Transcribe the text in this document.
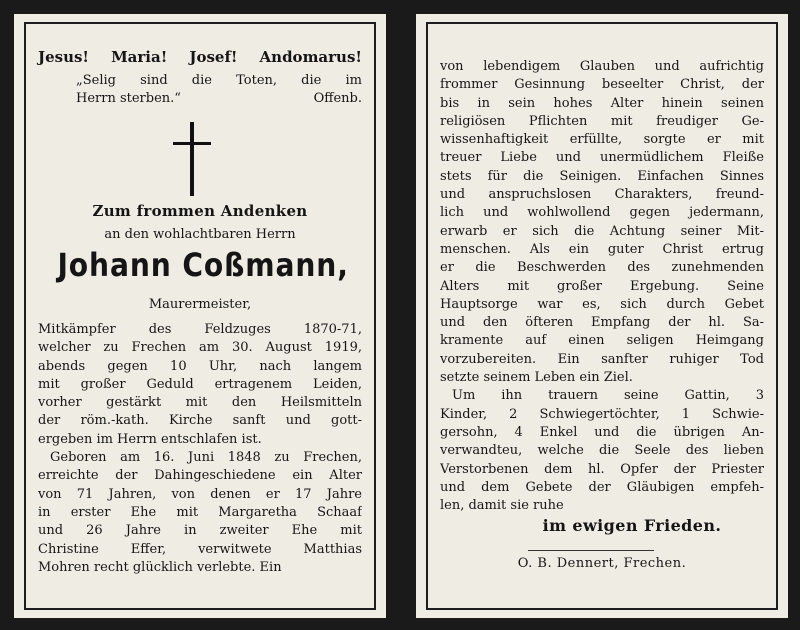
Jesus! Maria! Josef! Andomarus!
„Selig sind die Toten, die im
Herrn sterben.“	Offenb.
Zum frommen Andenken
an den wohlachtbaren Herrn
Johann Coßmann,
Maurermeister,
Mitkämpfer des Feldzuges 1870-71,
welcher zu Frechen am 30. August 1919,
abends gegen 10 Uhr, nach langem
mit großer Geduld ertragenem Leiden,
vorher gestärkt mit den Heilsmitteln
der röm.-kath. Kirche sanft und gott-
ergeben im Herrn entschlafen ist.
Geboren am 16. Juni 1848 zu Frechen,
erreichte der Dahingeschiedene ein Alter
von 71 Jahren, von denen er 17 Jahre
in erster Ehe mit Margaretha Schaaf
und 26 Jahre in zweiter Ehe mit
Christine Effer, verwitwete Matthias
Mohren recht glücklich verlebte. Ein
von lebendigem Glauben und aufrichtig
frommer Gesinnung beseelter Christ, der
bis in sein hohes Alter hinein seinen
religiösen Pflichten mit freudiger Ge-
wissenhaftigkeit erfüllte, sorgte er mit
treuer Liebe und unermüdlichem Fleiße
stets für die Seinigen. Einfachen Sinnes
und anspruchslosen Charakters, freund-
lich und wohlwollend gegen jedermann,
erwarb er sich die Achtung seiner Mit-
menschen. Als ein guter Christ ertrug
er die Beschwerden des zunehmenden
Alters mit großer Ergebung. Seine
Hauptsorge war es, sich durch Gebet
und den öfteren Empfang der hl. Sa-
kramente auf einen seligen Heimgang
vorzubereiten. Ein sanfter ruhiger Tod
setzte seinem Leben ein Ziel.
Um ihn trauern seine Gattin, 3
Kinder, 2 Schwiegertöchter, 1 Schwie-
gersohn, 4 Enkel und die übrigen An-
verwandteu, welche die Seele des lieben
Verstorbenen dem hl. Opfer der Priester
und dem Gebete der Gläubigen empfeh-
len, damit sie ruhe
im ewigen Frieden.
O. B. Dennert, Frechen.
